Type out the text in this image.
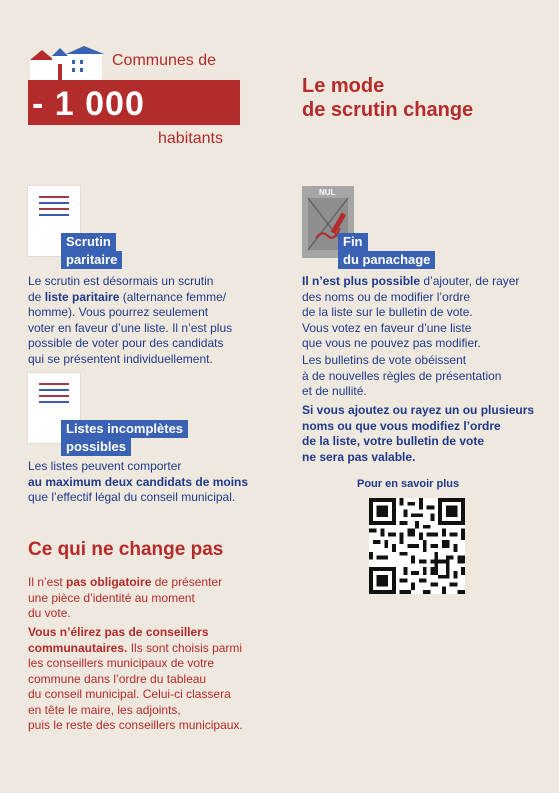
Communes de
- 1 000
habitants
Le mode
de scrutin change
Scrutin
paritaire
Le scrutin est désormais un scrutin
de liste paritaire (alternance femme/
homme). Vous pourrez seulement
voter en faveur d’une liste. Il n’est plus
possible de voter pour des candidats
qui se présentent individuellement.
Listes incomplètes
possibles
Les listes peuvent comporter
au maximum deux candidats de moins
que l’effectif légal du conseil municipal.
NUL
Fin
du panachage
Il n’est plus possible d’ajouter, de rayer
des noms ou de modifier l’ordre
de la liste sur le bulletin de vote.
Vous votez en faveur d’une liste
que vous ne pouvez pas modifier.
Les bulletins de vote obéissent
à de nouvelles règles de présentation
et de nullité.
Si vous ajoutez ou rayez un ou plusieurs
noms ou que vous modifiez l’ordre
de la liste, votre bulletin de vote
ne sera pas valable.
Pour en savoir plus
Ce qui ne change pas
Il n’est pas obligatoire de présenter
une pièce d’identité au moment
du vote.
Vous n’élirez pas de conseillers
communautaires. Ils sont choisis parmi
les conseillers municipaux de votre
commune dans l’ordre du tableau
du conseil municipal. Celui-ci classera
en tête le maire, les adjoints,
puis le reste des conseillers municipaux.
